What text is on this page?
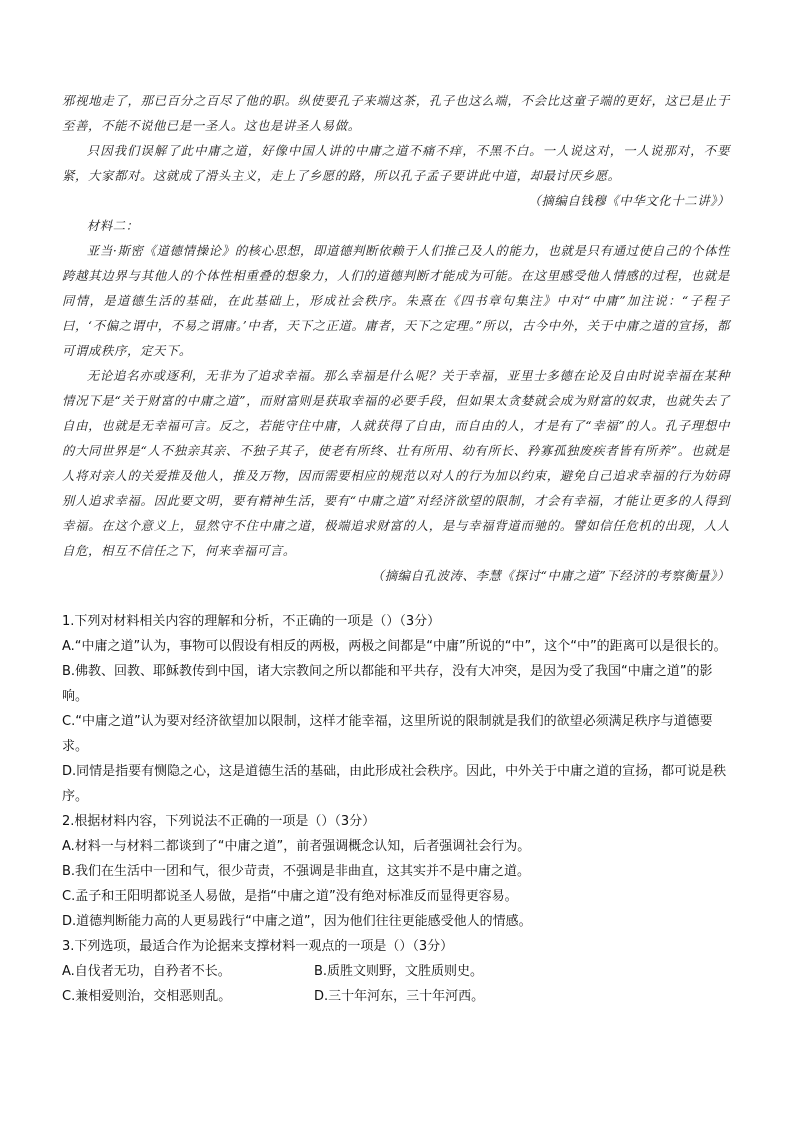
邪视地走了，那已百分之百尽了他的职。纵使要孔子来端这茶，孔子也这么端，不会比这童子端的更好，这已是止于至善，不能不说他已是一圣人。这也是讲圣人易做。

只因我们误解了此中庸之道，好像中国人讲的中庸之道不痛不痒，不黑不白。一人说这对，一人说那对，不要紧，大家都对。这就成了滑头主义，走上了乡愿的路，所以孔子孟子要讲此中道，却最讨厌乡愿。

（摘编自钱穆《中华文化十二讲》）

材料二：

亚当·斯密《道德情操论》的核心思想，即道德判断依赖于人们推己及人的能力，也就是只有通过使自己的个体性跨越其边界与其他人的个体性相重叠的想象力，人们的道德判断才能成为可能。在这里感受他人情感的过程，也就是同情，是道德生活的基础，在此基础上，形成社会秩序。朱熹在《四书章句集注》中对“中庸”加注说：“子程子曰，‘不偏之谓中，不易之谓庸。’中者，天下之正道。庸者，天下之定理。”所以，古今中外，关于中庸之道的宣扬，都可谓成秩序，定天下。

无论追名亦或逐利，无非为了追求幸福。那么幸福是什么呢？关于幸福，亚里士多德在论及自由时说幸福在某种情况下是“关于财富的中庸之道”，而财富则是获取幸福的必要手段，但如果太贪婪就会成为财富的奴隶，也就失去了自由，也就是无幸福可言。反之，若能守住中庸，人就获得了自由，而自由的人，才是有了“幸福”的人。孔子理想中的大同世界是“人不独亲其亲、不独子其子，使老有所终、壮有所用、幼有所长、矜寡孤独废疾者皆有所养”。也就是人将对亲人的关爱推及他人，推及万物，因而需要相应的规范以对人的行为加以约束，避免自己追求幸福的行为妨碍别人追求幸福。因此要文明，要有精神生活，要有“中庸之道”对经济欲望的限制，才会有幸福，才能让更多的人得到幸福。在这个意义上，显然守不住中庸之道，极端追求财富的人，是与幸福背道而驰的。譬如信任危机的出现，人人自危，相互不信任之下，何来幸福可言。

（摘编自孔波涛、李慧《探讨“中庸之道”下经济的考察衡量》）

1.下列对材料相关内容的理解和分析，不正确的一项是（）（3分）

A.“中庸之道”认为，事物可以假设有相反的两极，两极之间都是“中庸”所说的“中”，这个“中”的距离可以是很长的。

B.佛教、回教、耶稣教传到中国，诸大宗教间之所以都能和平共存，没有大冲突，是因为受了我国“中庸之道”的影响。

C.“中庸之道”认为要对经济欲望加以限制，这样才能幸福，这里所说的限制就是我们的欲望必须满足秩序与道德要求。

D.同情是指要有恻隐之心，这是道德生活的基础，由此形成社会秩序。因此，中外关于中庸之道的宣扬，都可说是秩序。

2.根据材料内容，下列说法不正确的一项是（）（3分）

A.材料一与材料二都谈到了“中庸之道”，前者强调概念认知，后者强调社会行为。

B.我们在生活中一团和气，很少苛责，不强调是非曲直，这其实并不是中庸之道。

C.孟子和王阳明都说圣人易做，是指“中庸之道”没有绝对标准反而显得更容易。

D.道德判断能力高的人更易践行“中庸之道”，因为他们往往更能感受他人的情感。

3.下列选项，最适合作为论据来支撑材料一观点的一项是（）（3分）

A.自伐者无功，自矜者不长。	B.质胜文则野，文胜质则史。
C.兼相爱则治，交相恶则乱。	D.三十年河东，三十年河西。
